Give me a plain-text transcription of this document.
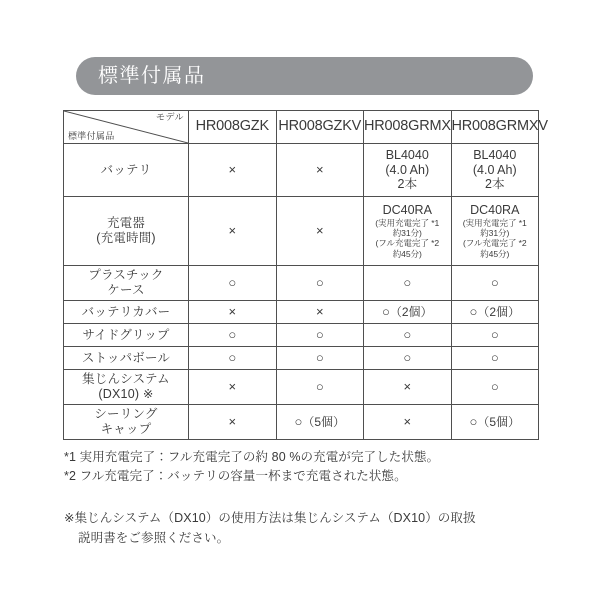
標準付属品
モデル
標準付属品	HR008GZK	HR008GZKV	HR008GRMX	HR008GRMXV
バッテリ	×	×	BL4040
(4.0 Ah)
2本	BL4040
(4.0 Ah)
2本

充電器
(充電時間)	×	×	DC40RA
(実用充電完了 *1
約31分)
(フル充電完了 *2
約45分)	DC40RA
(実用充電完了 *1
約31分)
(フル充電完了 *2
約45分)

プラスチック
ケース	○	○	○	○
バッテリカバー	×	×	○（2個）	○（2個）
サイドグリップ	○	○	○	○
ストッパボール	○	○	○	○

集じんシステム
(DX10) ※	×	○	×	○

シーリング
キャップ	×	○（5個）	×	○（5個）
*1 実用充電完了：フル充電完了の約 80 %の充電が完了した状態。
*2 フル充電完了：バッテリの容量一杯まで充電された状態。
※集じんシステム（DX10）の使用方法は集じんシステム（DX10）の取扱
説明書をご参照ください。
